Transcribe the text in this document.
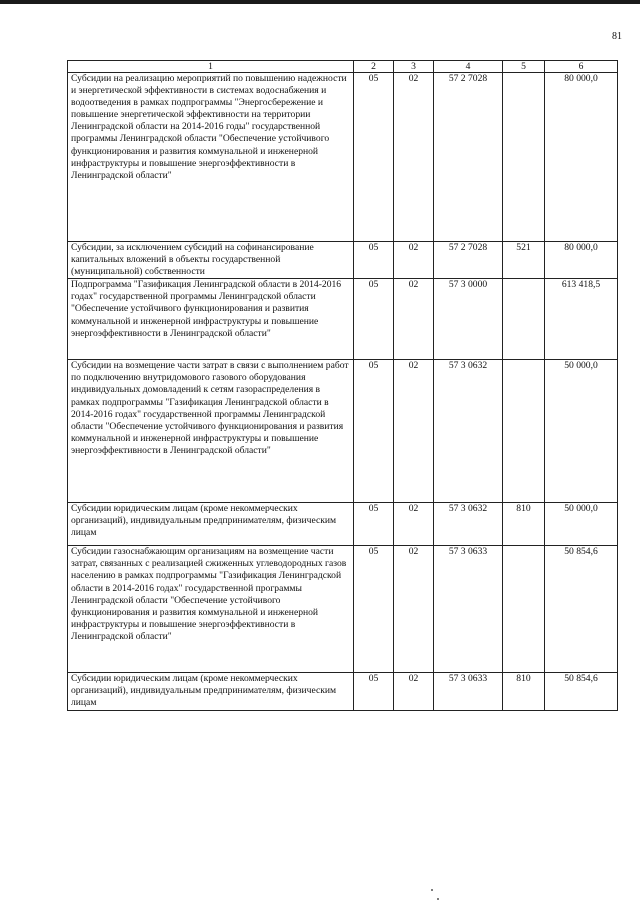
81
1	2	3	4	5	6
Субсидии на реализацию мероприятий по повышению надежности и энергетической эффективности в системах водоснабжения и водоотведения в рамках подпрограммы "Энергосбережение и повышение энергетической эффективности на территории Ленинградской области на 2014-2016 годы" государственной программы Ленинградской области "Обеспечение устойчивого функционирования и развития коммунальной и инженерной инфраструктуры и повышение энергоэффективности в Ленинградской области"	05	02	57 2 7028		80 000,0
Субсидии, за исключением субсидий на софинансирование капитальных вложений в объекты государственной (муниципальной) собственности	05	02	57 2 7028	521	80 000,0
Подпрограмма "Газификация Ленинградской области в 2014-2016 годах" государственной программы Ленинградской области "Обеспечение устойчивого функционирования и развития коммунальной и инженерной инфраструктуры и повышение энергоэффективности в Ленинградской области"	05	02	57 3 0000		613 418,5
Субсидии на возмещение части затрат в связи с выполнением работ по подключению внутридомового газового оборудования индивидуальных домовладений к сетям газораспределения в рамках подпрограммы "Газификация Ленинградской области в 2014-2016 годах" государственной программы Ленинградской области "Обеспечение устойчивого функционирования и развития коммунальной и инженерной инфраструктуры и повышение энергоэффективности в Ленинградской области"	05	02	57 3 0632		50 000,0
Субсидии юридическим лицам (кроме некоммерческих организаций), индивидуальным предпринимателям, физическим лицам	05	02	57 3 0632	810	50 000,0
Субсидии газоснабжающим организациям на возмещение части затрат, связанных с реализацией сжиженных углеводородных газов населению в рамках подпрограммы "Газификация Ленинградской области в 2014-2016 годах" государственной программы Ленинградской области "Обеспечение устойчивого функционирования и развития коммунальной и инженерной инфраструктуры и повышение энергоэффективности в Ленинградской области"	05	02	57 3 0633		50 854,6
Субсидии юридическим лицам (кроме некоммерческих организаций), индивидуальным предпринимателям, физическим лицам	05	02	57 3 0633	810	50 854,6
